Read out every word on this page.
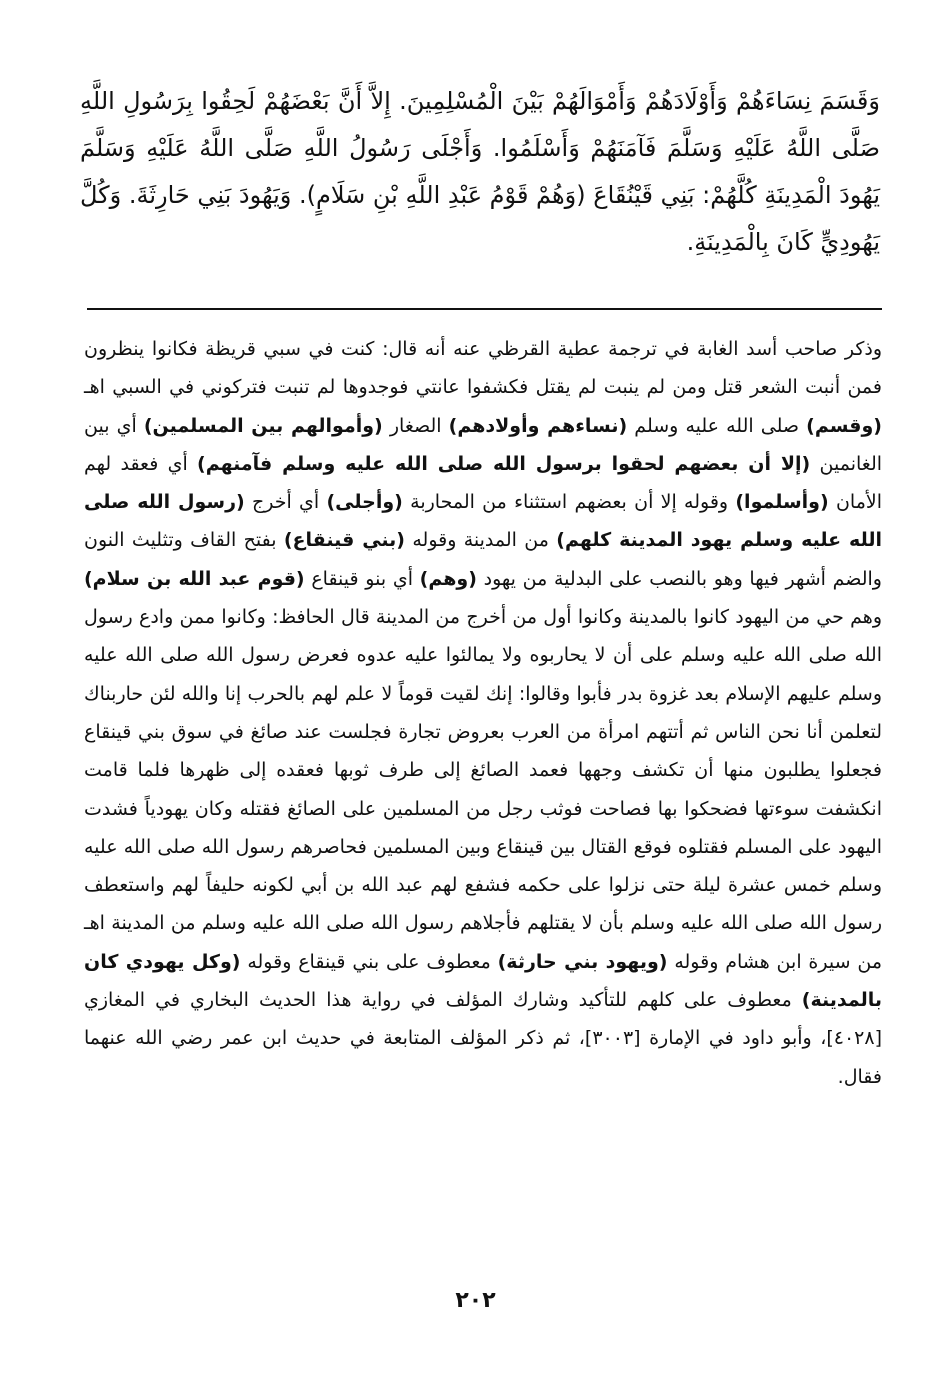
وَقَسَمَ نِسَاءَهُمْ وَأَوْلَادَهُمْ وَأَمْوَالَهُمْ بَيْنَ الْمُسْلِمِينَ. إِلاَّ أَنَّ بَعْضَهُمْ لَحِقُوا بِرَسُولِ اللَّهِ صَلَّى اللَّهُ عَلَيْهِ وَسَلَّمَ فَآمَنَهُمْ وَأَسْلَمُوا. وَأَجْلَى رَسُولُ اللَّهِ صَلَّى اللَّهُ عَلَيْهِ وَسَلَّمَ يَهُودَ الْمَدِينَةِ كُلَّهُمْ: بَنِي قَيْنُقَاعَ (وَهُمْ قَوْمُ عَبْدِ اللَّهِ بْنِ سَلَامٍ). وَيَهُودَ بَنِي حَارِثَةَ. وَكُلَّ يَهُودِيٍّ كَانَ بِالْمَدِينَةِ.

وذكر صاحب أسد الغابة في ترجمة عطية القرظي عنه أنه قال: كنت في سبي قريظة فكانوا ينظرون فمن أنبت الشعر قتل ومن لم ينبت لم يقتل فكشفوا عانتي فوجدوها لم تنبت فتركوني في السبي اهـ (وقسم) صلى الله عليه وسلم (نساءهم وأولادهم) الصغار (وأموالهم بين المسلمين) أي بين الغانمين (إلا أن بعضهم لحقوا برسول الله صلى الله عليه وسلم فآمنهم) أي فعقد لهم الأمان (وأسلموا) وقوله إلا أن بعضهم استثناء من المحاربة (وأجلى) أي أخرج (رسول الله صلى الله عليه وسلم يهود المدينة كلهم) من المدينة وقوله (بني قينقاع) بفتح القاف وتثليث النون والضم أشهر فيها وهو بالنصب على البدلية من يهود (وهم) أي بنو قينقاع (قوم عبد الله بن سلام) وهم حي من اليهود كانوا بالمدينة وكانوا أول من أخرج من المدينة قال الحافظ: وكانوا ممن وادع رسول الله صلى الله عليه وسلم على أن لا يحاربوه ولا يمالئوا عليه عدوه فعرض رسول الله صلى الله عليه وسلم عليهم الإسلام بعد غزوة بدر فأبوا وقالوا: إنك لقيت قوماً لا علم لهم بالحرب إنا والله لئن حاربناك لتعلمن أنا نحن الناس ثم أتتهم امرأة من العرب بعروض تجارة فجلست عند صائغ في سوق بني قينقاع فجعلوا يطلبون منها أن تكشف وجهها فعمد الصائغ إلى طرف ثوبها فعقده إلى ظهرها فلما قامت انكشفت سوءتها فضحكوا بها فصاحت فوثب رجل من المسلمين على الصائغ فقتله وكان يهودياً فشدت اليهود على المسلم فقتلوه فوقع القتال بين قينقاع وبين المسلمين فحاصرهم رسول الله صلى الله عليه وسلم خمس عشرة ليلة حتى نزلوا على حكمه فشفع لهم عبد الله بن أبي لكونه حليفاً لهم واستعطف رسول الله صلى الله عليه وسلم بأن لا يقتلهم فأجلاهم رسول الله صلى الله عليه وسلم من المدينة اهـ من سيرة ابن هشام وقوله (ويهود بني حارثة) معطوف على بني قينقاع وقوله (وكل يهودي كان بالمدينة) معطوف على كلهم للتأكيد وشارك المؤلف في رواية هذا الحديث البخاري في المغازي [٤٠٢٨]، وأبو داود في الإمارة [٣٠٠٣]، ثم ذكر المؤلف المتابعة في حديث ابن عمر رضي الله عنهما فقال.

٢٠٢
